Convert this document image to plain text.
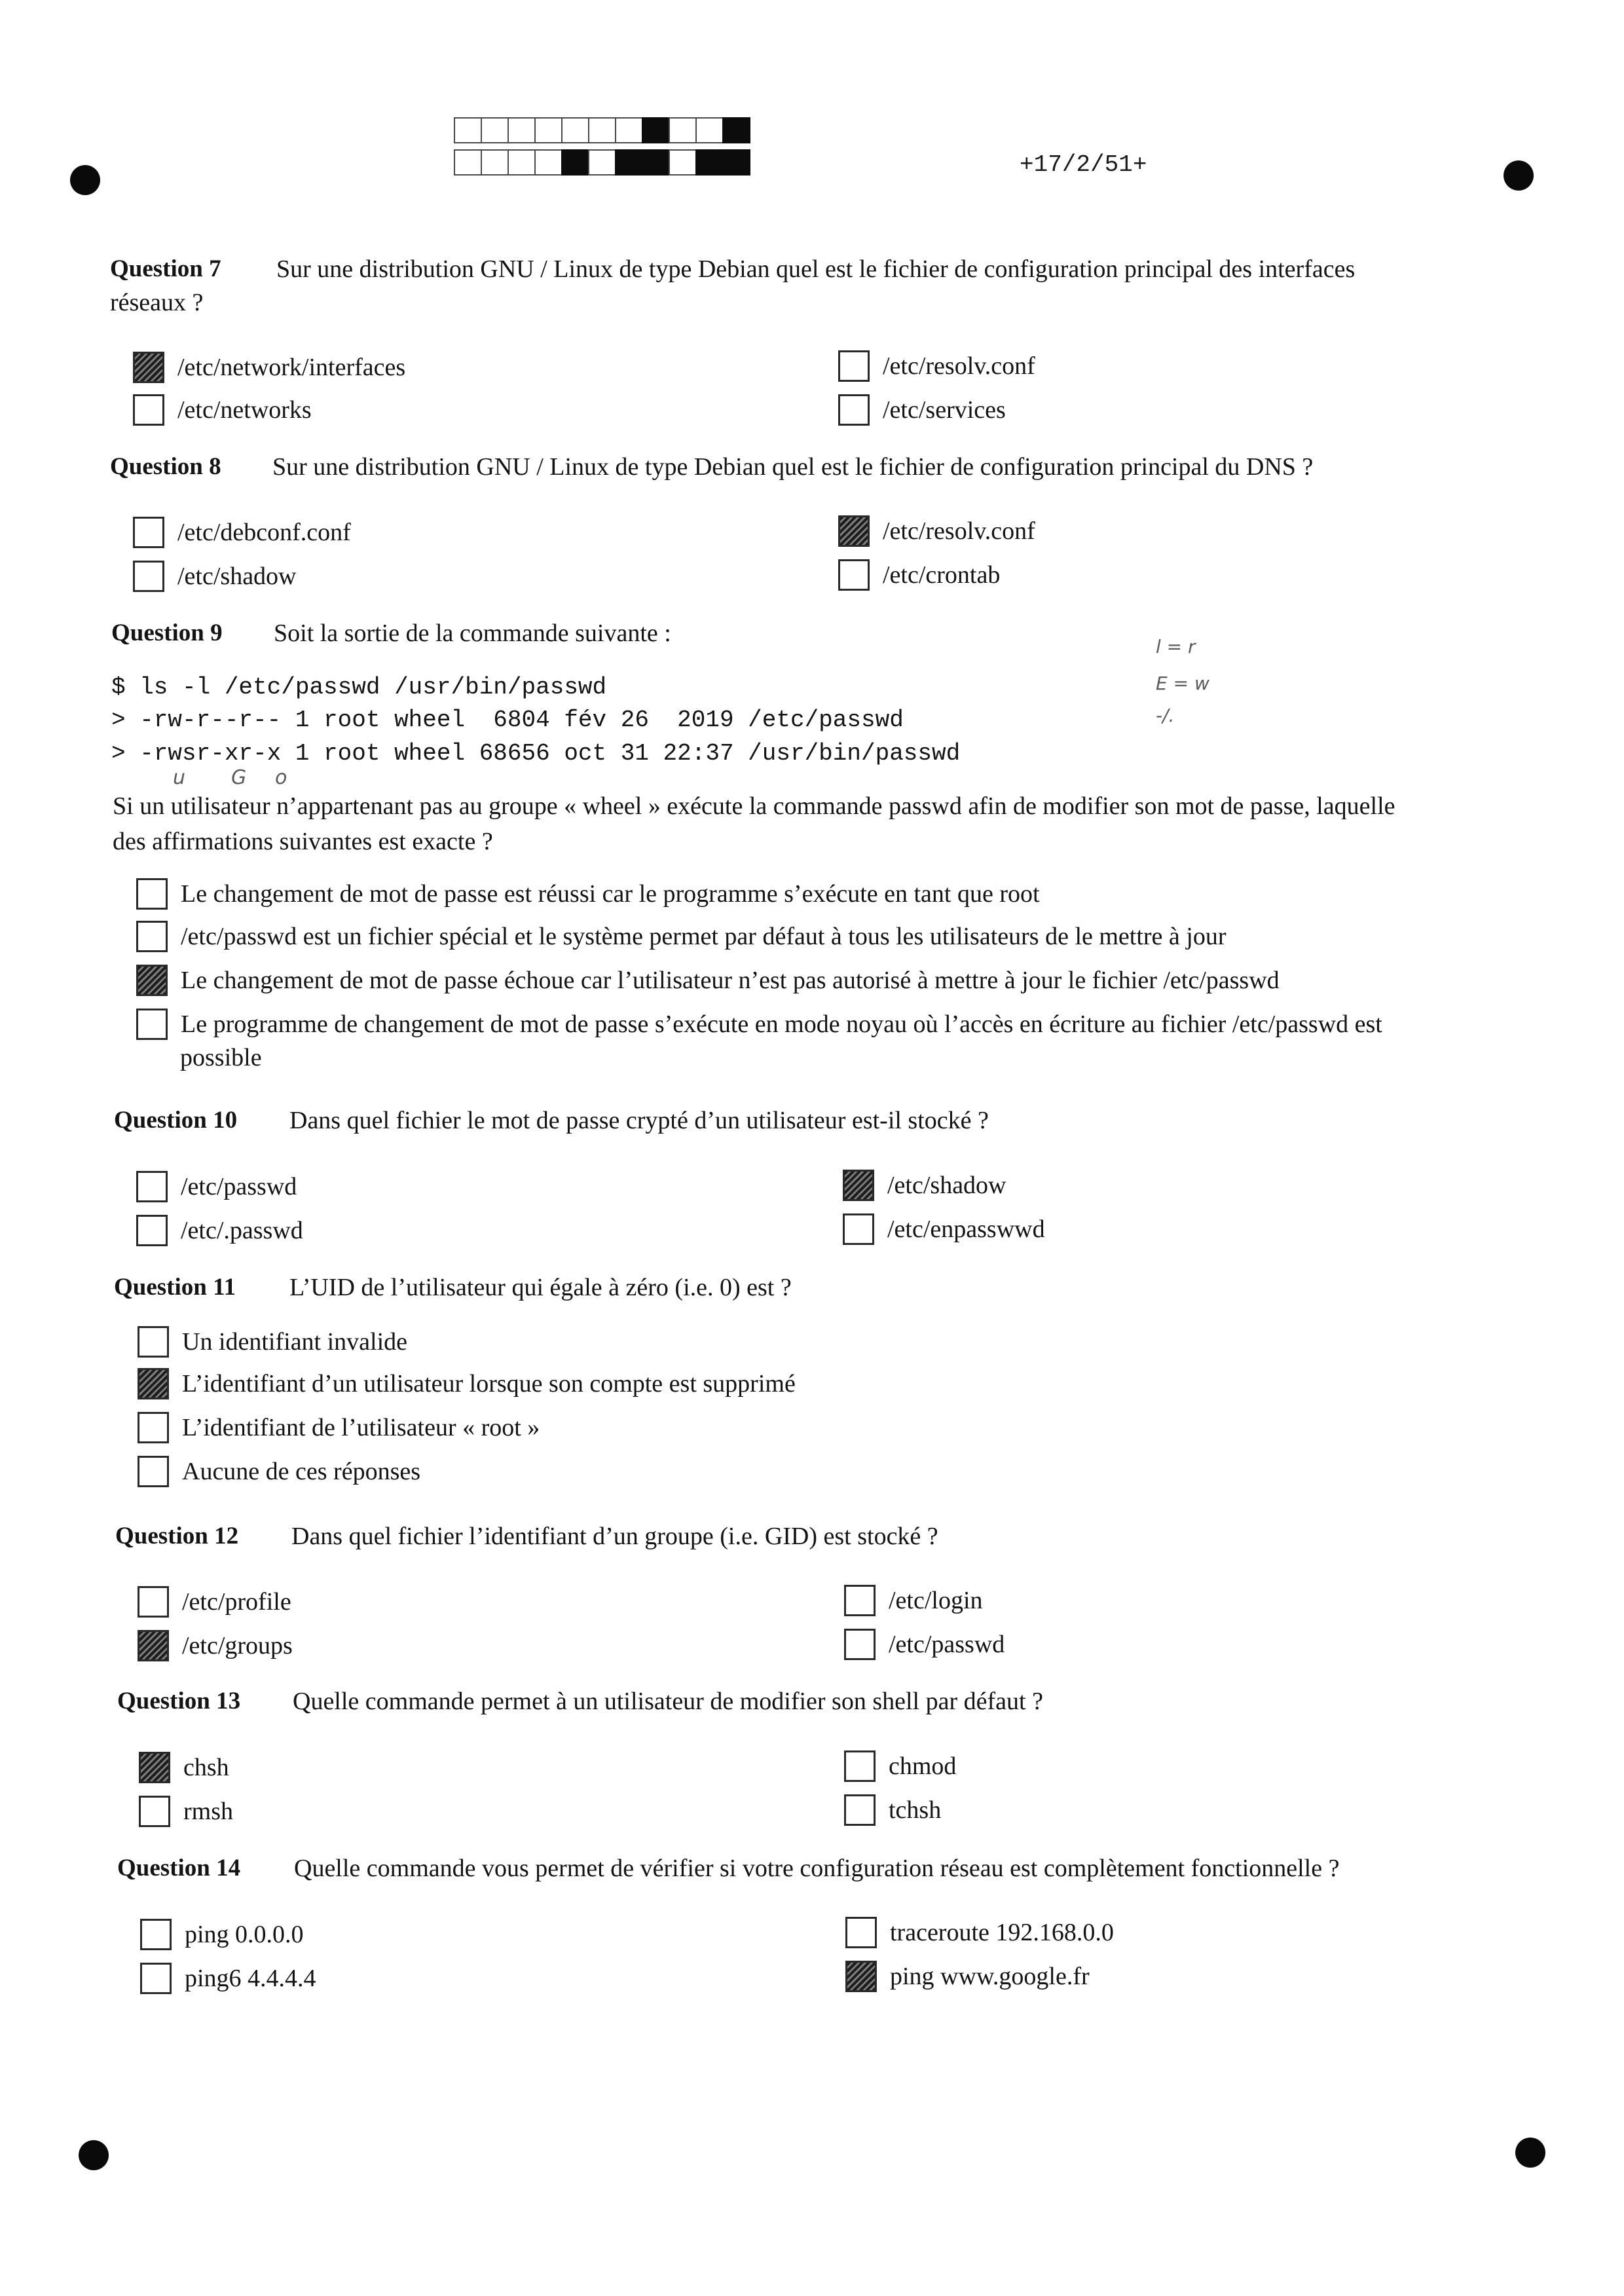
+17/2/51+
Question 7 Sur une distribution GNU / Linux de type Debian quel est le fichier de configuration principal des interfaces
réseaux ?
/etc/network/interfaces
/etc/networks
/etc/resolv.conf
/etc/services
Question 8 Sur une distribution GNU / Linux de type Debian quel est le fichier de configuration principal du DNS ?
/etc/debconf.conf
/etc/shadow
/etc/resolv.conf
/etc/crontab
Question 9 Soit la sortie de la commande suivante :
$ ls -l /etc/passwd /usr/bin/passwd
> -rw-r--r-- 1 root wheel  6804 fév 26  2019 /etc/passwd
> -rwsr-xr-x 1 root wheel 68656 oct 31 22:37 /usr/bin/passwd
u G o
l = r
E = w
-/.
Si un utilisateur n’appartenant pas au groupe « wheel » exécute la commande passwd afin de modifier son mot de passe, laquelle
des affirmations suivantes est exacte ?
Le changement de mot de passe est réussi car le programme s’exécute en tant que root
/etc/passwd est un fichier spécial et le système permet par défaut à tous les utilisateurs de le mettre à jour
Le changement de mot de passe échoue car l’utilisateur n’est pas autorisé à mettre à jour le fichier /etc/passwd
Le programme de changement de mot de passe s’exécute en mode noyau où l’accès en écriture au fichier /etc/passwd est
possible
Question 10 Dans quel fichier le mot de passe crypté d’un utilisateur est-il stocké ?
/etc/passwd
/etc/.passwd
/etc/shadow
/etc/enpasswwd
Question 11 L’UID de l’utilisateur qui égale à zéro (i.e. 0) est ?
Un identifiant invalide
L’identifiant d’un utilisateur lorsque son compte est supprimé
L’identifiant de l’utilisateur « root »
Aucune de ces réponses
Question 12 Dans quel fichier l’identifiant d’un groupe (i.e. GID) est stocké ?
/etc/profile
/etc/groups
/etc/login
/etc/passwd
Question 13 Quelle commande permet à un utilisateur de modifier son shell par défaut ?
chsh
rmsh
chmod
tchsh
Question 14 Quelle commande vous permet de vérifier si votre configuration réseau est complètement fonctionnelle ?
ping 0.0.0.0
ping6 4.4.4.4
traceroute 192.168.0.0
ping www.google.fr
